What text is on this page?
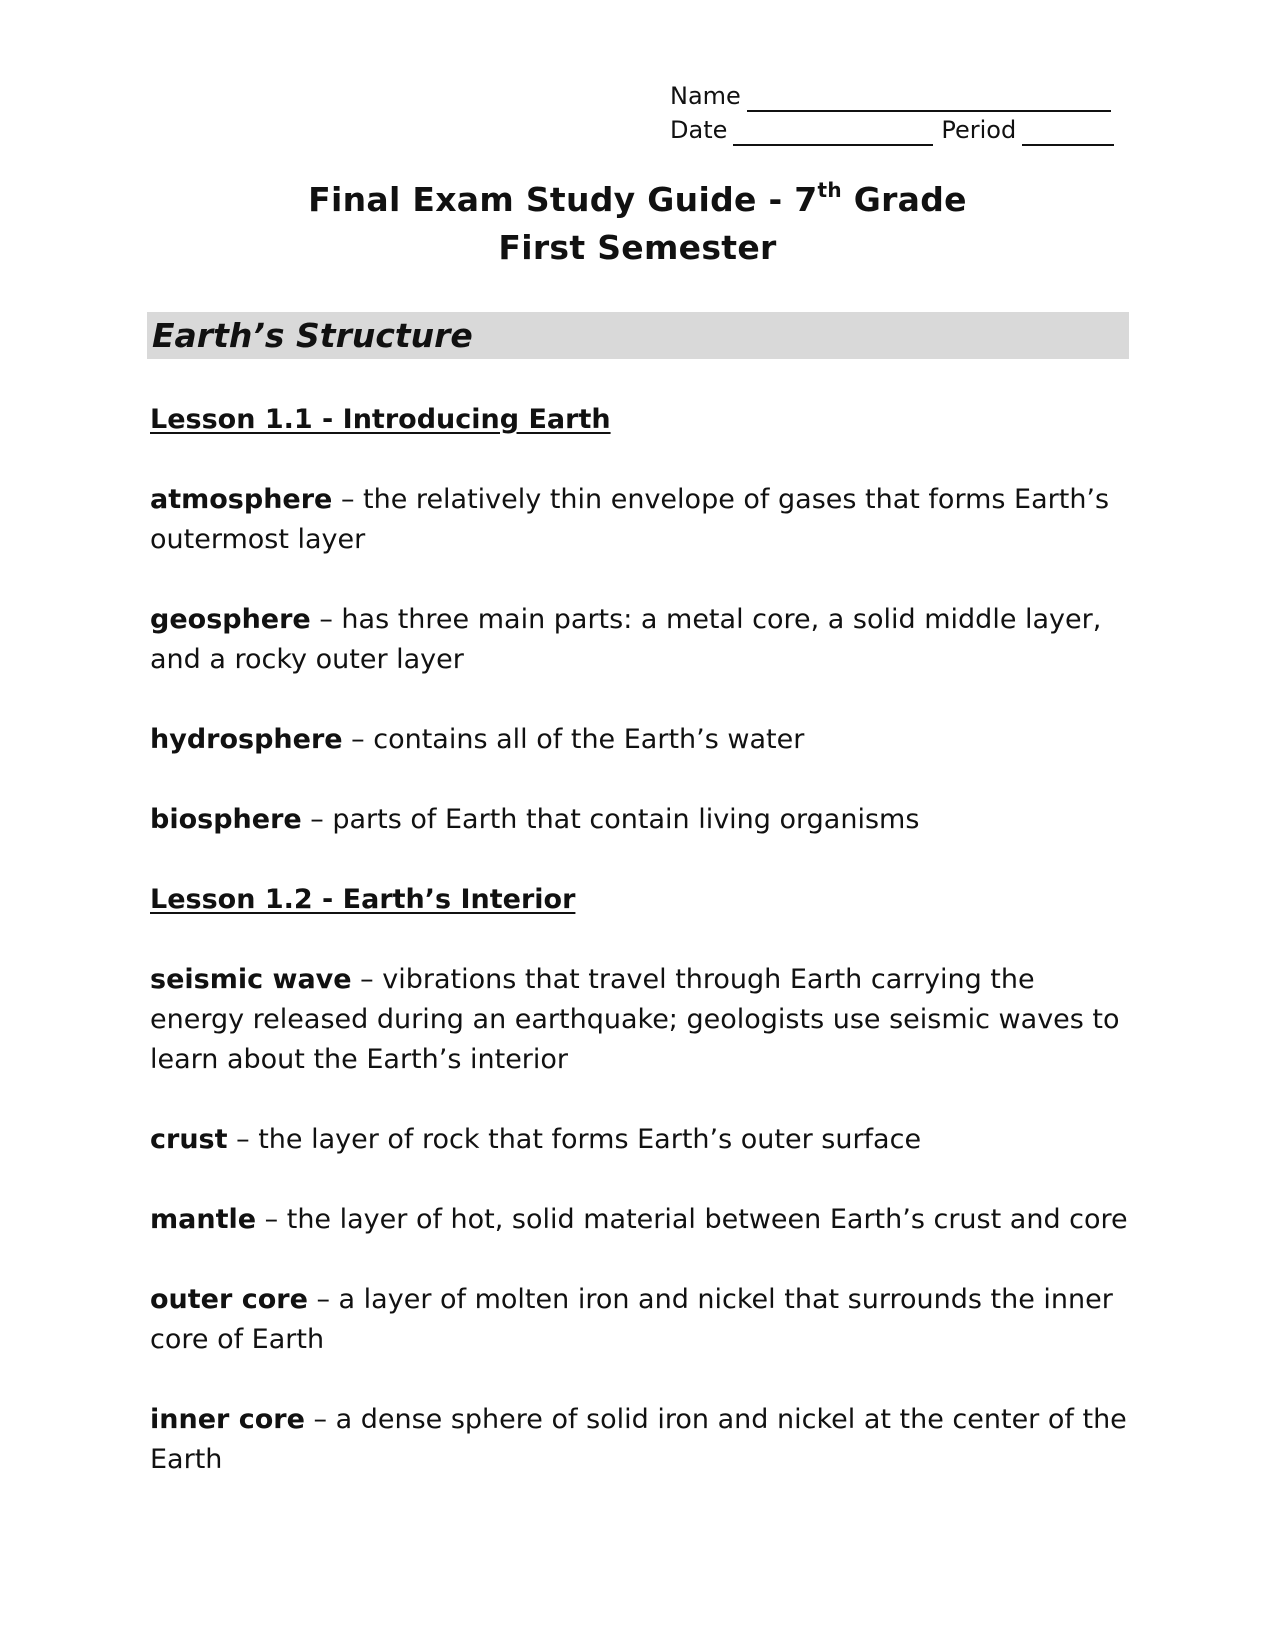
Name
Date	Period
Final Exam Study Guide - 7th Grade
First Semester
Earth’s Structure
Lesson 1.1 - Introducing Earth
atmosphere – the relatively thin envelope of gases that forms Earth’s outermost layer
geosphere – has three main parts: a metal core, a solid middle layer, and a rocky outer layer
hydrosphere – contains all of the Earth’s water
biosphere – parts of Earth that contain living organisms
Lesson 1.2 - Earth’s Interior
seismic wave – vibrations that travel through Earth carrying the energy released during an earthquake; geologists use seismic waves to learn about the Earth’s interior
crust – the layer of rock that forms Earth’s outer surface
mantle – the layer of hot, solid material between Earth’s crust and core
outer core – a layer of molten iron and nickel that surrounds the inner core of Earth
inner core – a dense sphere of solid iron and nickel at the center of the Earth
